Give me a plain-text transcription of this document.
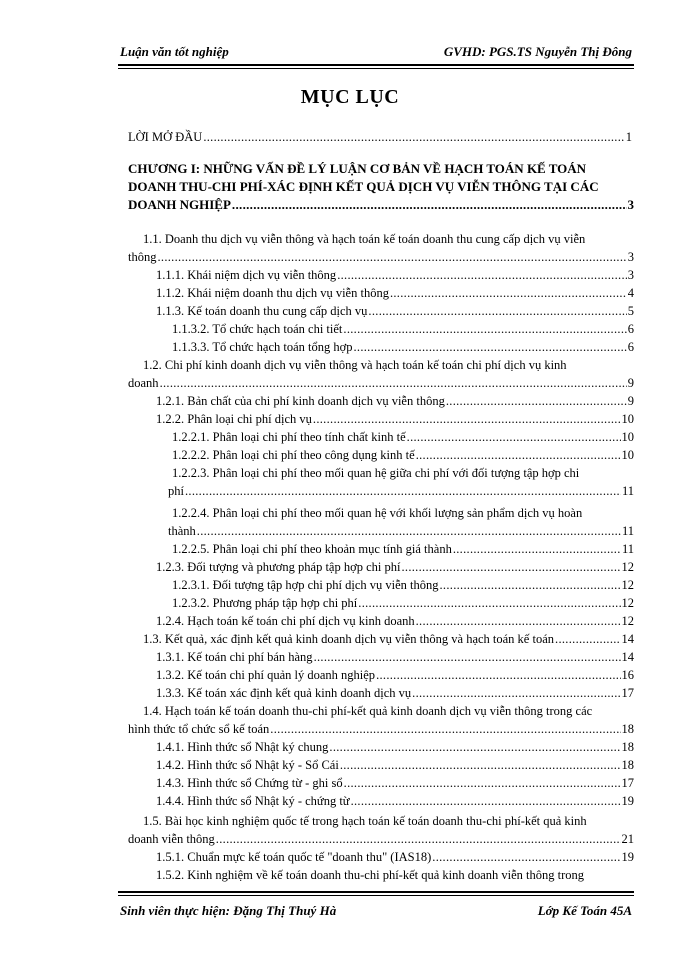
Luận văn tốt nghiệp	GVHD: PGS.TS Nguyễn Thị Đông
MỤC LỤC
LỜI MỞ ĐẦU .....	1
CHƯƠNG I: NHỮNG VẤN ĐỀ LÝ LUẬN CƠ BẢN VỀ HẠCH TOÁN KẾ TOÁN
DOANH THU-CHI PHÍ-XÁC ĐỊNH KẾT QUẢ DỊCH VỤ VIỄN THÔNG TẠI CÁC
DOANH NGHIỆP .....	3
1.1. Doanh thu dịch vụ viễn thông và hạch toán kế toán doanh thu cung cấp dịch vụ viễn
thông .....	3
1.1.1. Khái niệm dịch vụ viễn thông .....	3
1.1.2. Khái niệm doanh thu dịch vụ viễn thông .....	4
1.1.3. Kế toán doanh thu cung cấp dịch vụ .....	5
1.1.3.2. Tổ chức hạch toán chi tiết .....	6
1.1.3.3. Tổ chức hạch toán tổng hợp .....	6
1.2. Chi phí kinh doanh dịch vụ viễn thông và hạch toán kế toán chi phí dịch vụ kinh
doanh .....	9
1.2.1. Bản chất của chi phí kinh doanh dịch vụ viễn thông .....	9
1.2.2. Phân loại chi phí dịch vụ .....	10
1.2.2.1. Phân loại chi phí theo tính chất kinh tế .....	10
1.2.2.2. Phân loại chi phí theo công dụng kinh tế .....	10
1.2.2.3. Phân loại chi phí theo mối quan hệ giữa chi phí với đối tượng tập hợp chi
phí .....	11
1.2.2.4. Phân loại chi phí theo mối quan hệ với khối lượng sản phẩm dịch vụ hoàn
thành .....	11
1.2.2.5. Phân loại chi phí theo khoản mục tính giá thành .....	11
1.2.3. Đối tượng và phương pháp tập hợp chi phí .....	12
1.2.3.1. Đối tượng tập hợp chi phí dịch vụ viễn thông .....	12
1.2.3.2. Phương pháp tập hợp chi phí .....	12
1.2.4. Hạch toán kế toán chi phí dịch vụ kinh doanh .....	12
1.3. Kết quả, xác định kết quả kinh doanh dịch vụ viễn thông và hạch toán kế toán .....	14
1.3.1. Kế toán chi phí bán hàng .....	14
1.3.2. Kế toán chi phí quản lý doanh nghiệp .....	16
1.3.3. Kế toán xác định kết quả kinh doanh dịch vụ .....	17
1.4. Hạch toán kế toán doanh thu-chi phí-kết quả kinh doanh dịch vụ viễn thông trong các
hình thức tổ chức sổ kế toán .....	18
1.4.1. Hình thức sổ Nhật ký chung .....	18
1.4.2. Hình thức sổ Nhật ký - Sổ Cái .....	18
1.4.3. Hình thức sổ Chứng từ - ghi sổ .....	17
1.4.4. Hình thức sổ Nhật ký - chứng từ .....	19
1.5. Bài học kinh nghiệm quốc tế trong hạch toán kế toán doanh thu-chi phí-kết quả kinh
doanh viễn thông .....	21
1.5.1. Chuẩn mực kế toán quốc tế "doanh thu" (IAS18) .....	19
1.5.2. Kinh nghiệm về kế toán doanh thu-chi phí-kết quả kinh doanh viễn thông trong
Sinh viên thực hiện: Đặng Thị Thuý Hà	Lớp Kế Toán 45A
